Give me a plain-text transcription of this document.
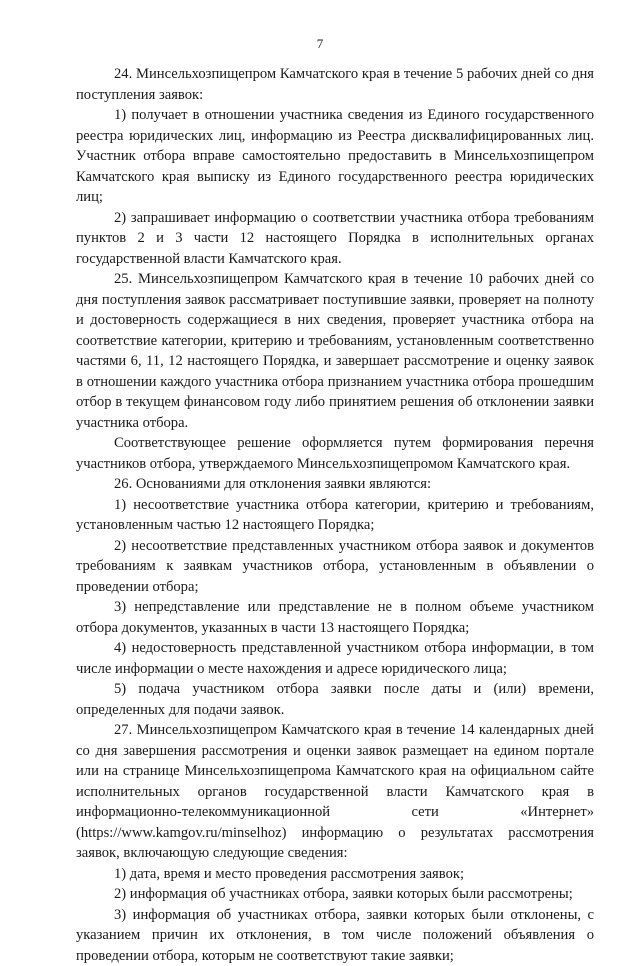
7

24. Минсельхозпищепром Камчатского края в течение 5 рабочих дней со дня поступления заявок:

1) получает в отношении участника сведения из Единого государственного реестра юридических лиц, информацию из Реестра дисквалифицированных лиц. Участник отбора вправе самостоятельно предоставить в Минсельхозпищепром Камчатского края выписку из Единого государственного реестра юридических лиц;

2) запрашивает информацию о соответствии участника отбора требованиям пунктов 2 и 3 части 12 настоящего Порядка в исполнительных органах государственной власти Камчатского края.

25. Минсельхозпищепром Камчатского края в течение 10 рабочих дней со дня поступления заявок рассматривает поступившие заявки, проверяет на полноту и достоверность содержащиеся в них сведения, проверяет участника отбора на соответствие категории, критерию и требованиям, установленным соответственно частями 6, 11, 12 настоящего Порядка, и завершает рассмотрение и оценку заявок в отношении каждого участника отбора признанием участника отбора прошедшим отбор в текущем финансовом году либо принятием решения об отклонении заявки участника отбора.

Соответствующее решение оформляется путем формирования перечня участников отбора, утверждаемого Минсельхозпищепромом Камчатского края.

26. Основаниями для отклонения заявки являются:

1) несоответствие участника отбора категории, критерию и требованиям, установленным частью 12 настоящего Порядка;

2) несоответствие представленных участником отбора заявок и документов требованиям к заявкам участников отбора, установленным в объявлении о проведении отбора;

3) непредставление или представление не в полном объеме участником отбора документов, указанных в части 13 настоящего Порядка;

4) недостоверность представленной участником отбора информации, в том числе информации о месте нахождения и адресе юридического лица;

5) подача участником отбора заявки после даты и (или) времени, определенных для подачи заявок.

27. Минсельхозпищепром Камчатского края в течение 14 календарных дней со дня завершения рассмотрения и оценки заявок размещает на едином портале или на странице Минсельхозпищепрома Камчатского края на официальном сайте исполнительных органов государственной власти Камчатского края в информационно-телекоммуникационной сети «Интернет» (https://www.kamgov.ru/minselhoz) информацию о результатах рассмотрения заявок, включающую следующие сведения:

1) дата, время и место проведения рассмотрения заявок;

2) информация об участниках отбора, заявки которых были рассмотрены;

3) информация об участниках отбора, заявки которых были отклонены, с указанием причин их отклонения, в том числе положений объявления о проведении отбора, которым не соответствуют такие заявки;
